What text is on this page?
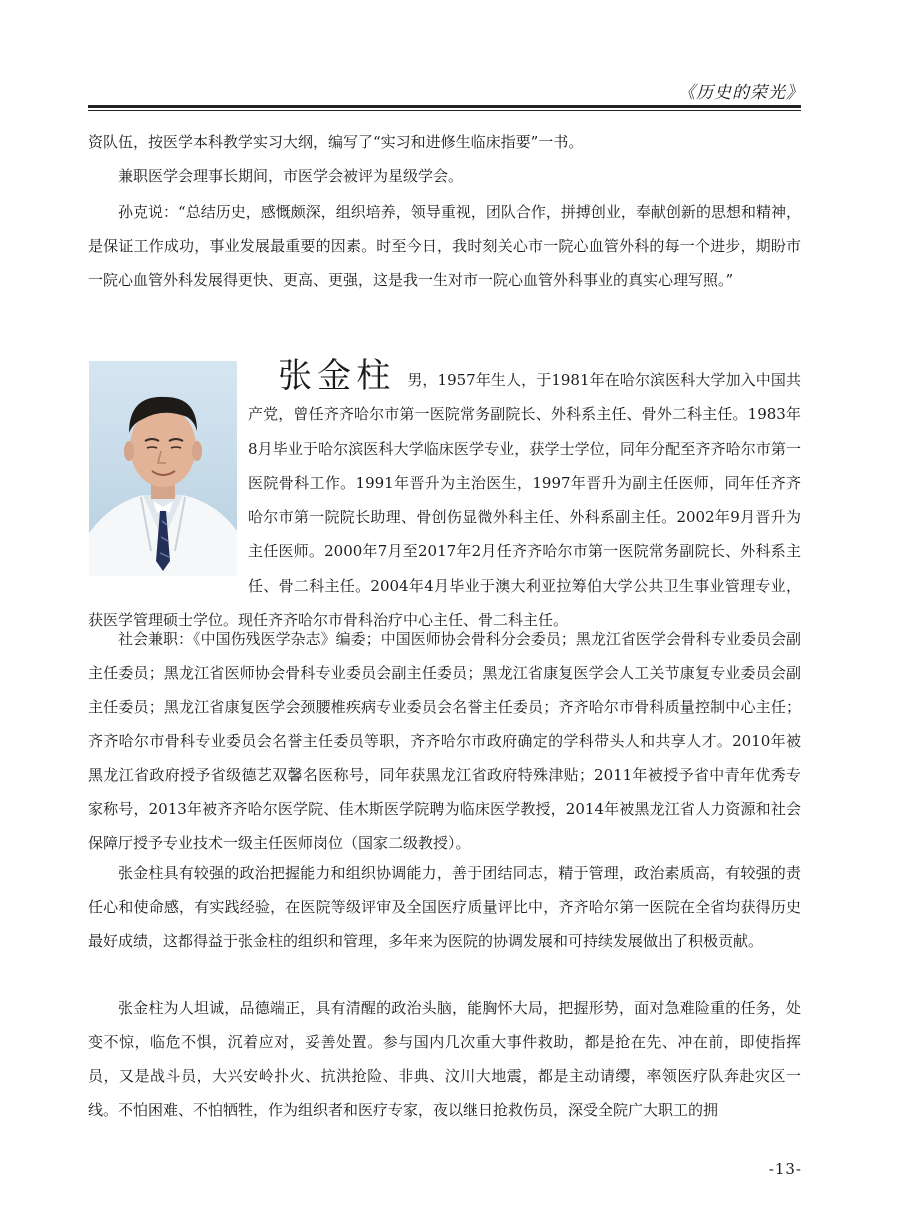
《历史的荣光》

资队伍，按医学本科教学实习大纲，编写了“实习和进修生临床指要”一书。

兼职医学会理事长期间，市医学会被评为星级学会。

孙克说：“总结历史，感慨颇深，组织培养，领导重视，团队合作，拼搏创业，奉献创新的思想和精神，是保证工作成功，事业发展最重要的因素。时至今日，我时刻关心市一院心血管外科的每一个进步，期盼市一院心血管外科发展得更快、更高、更强，这是我一生对市一院心血管外科事业的真实心理写照。”

张金柱 男，1957年生人，于1981年在哈尔滨医科大学加入中国共产党，曾任齐齐哈尔市第一医院常务副院长、外科系主任、骨外二科主任。1983年8月毕业于哈尔滨医科大学临床医学专业，获学士学位，同年分配至齐齐哈尔市第一医院骨科工作。1991年晋升为主治医生，1997年晋升为副主任医师，同年任齐齐哈尔市第一院院长助理、骨创伤显微外科主任、外科系副主任。2002年9月晋升为主任医师。2000年7月至2017年2月任齐齐哈尔市第一医院常务副院长、外科系主任、骨二科主任。2004年4月毕业于澳大利亚拉筹伯大学公共卫生事业管理专业，获医学管理硕士学位。现任齐齐哈尔市骨科治疗中心主任、骨二科主任。

社会兼职：《中国伤残医学杂志》编委；中国医师协会骨科分会委员；黑龙江省医学会骨科专业委员会副主任委员；黑龙江省医师协会骨科专业委员会副主任委员；黑龙江省康复医学会人工关节康复专业委员会副主任委员；黑龙江省康复医学会颈腰椎疾病专业委员会名誉主任委员；齐齐哈尔市骨科质量控制中心主任；齐齐哈尔市骨科专业委员会名誉主任委员等职，齐齐哈尔市政府确定的学科带头人和共享人才。2010年被黑龙江省政府授予省级德艺双馨名医称号，同年获黑龙江省政府特殊津贴；2011年被授予省中青年优秀专家称号，2013年被齐齐哈尔医学院、佳木斯医学院聘为临床医学教授，2014年被黑龙江省人力资源和社会保障厅授予专业技术一级主任医师岗位（国家二级教授）。

张金柱具有较强的政治把握能力和组织协调能力，善于团结同志，精于管理，政治素质高，有较强的责任心和使命感，有实践经验，在医院等级评审及全国医疗质量评比中，齐齐哈尔第一医院在全省均获得历史最好成绩，这都得益于张金柱的组织和管理，多年来为医院的协调发展和可持续发展做出了积极贡献。

张金柱为人坦诚，品德端正，具有清醒的政治头脑，能胸怀大局，把握形势，面对急难险重的任务，处变不惊，临危不惧，沉着应对，妥善处置。参与国内几次重大事件救助，都是抢在先、冲在前，即使指挥员，又是战斗员，大兴安岭扑火、抗洪抢险、非典、汶川大地震，都是主动请缨，率领医疗队奔赴灾区一线。不怕困难、不怕牺牲，作为组织者和医疗专家，夜以继日抢救伤员，深受全院广大职工的拥

-13-
